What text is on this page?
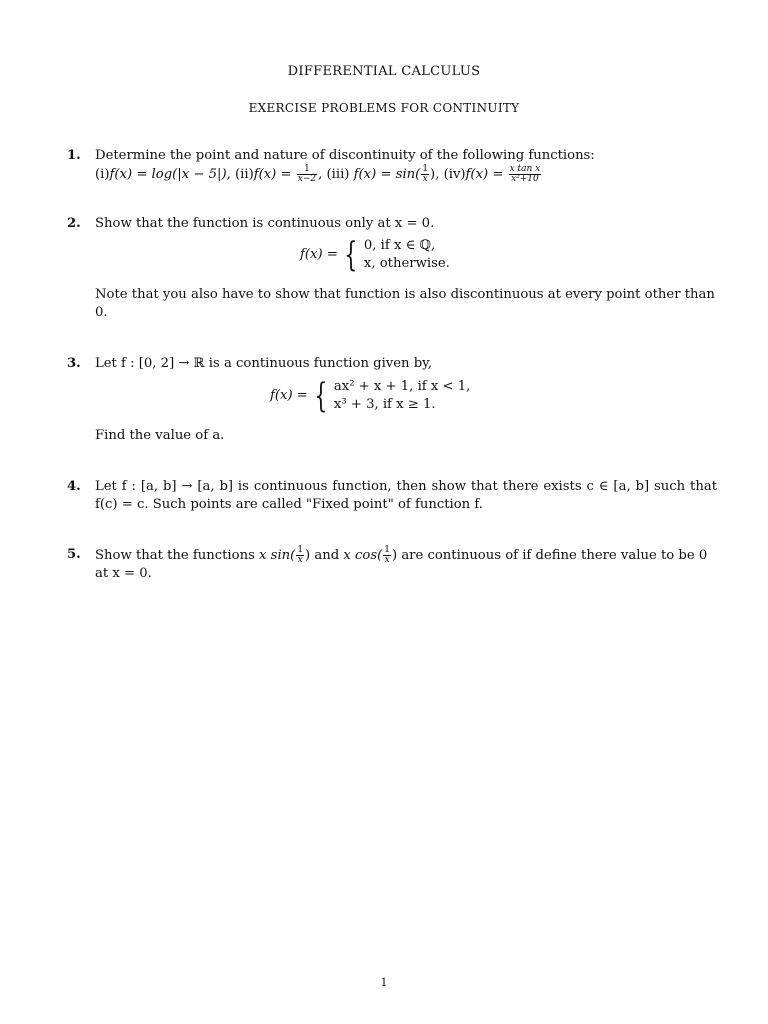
DIFFERENTIAL CALCULUS
EXERCISE PROBLEMS FOR CONTINUITY
1. Determine the point and nature of discontinuity of the following functions:
(i)f(x) = log(|x − 5|), $(ii)f(x) = \frac{1}{x-2}$ , (iii) $f(x) = \sin( \frac{1}{x}$ ), $(iv)f(x) = \frac{\text{x tan x}}{\text{x²+10}}$
2. Show that the function is continuous only at x = 0.
f(x) = { 0, if x ∈ ℚ,
x, otherwise.
Note that you also have to show that function is also discontinuous at every point other than 0.
3. Let f : [0, 2] → ℝ is a continuous function given by,
f(x) = { ax² + x + 1, if x < 1,
x³ + 3, if x ≥ 1.
Find the value of a.
4. Let f : [a, b] → [a, b] is continuous function, then show that there exists c ∈ [a, b] such that f(c) = c. Such points are called "Fixed point" of function f.
5. Show that the functions x $\sin( \frac{1}{x}$ ) and x $\cos( \frac{1}{x}$ ) are continuous of if define there value to be 0 at x = 0.
1
